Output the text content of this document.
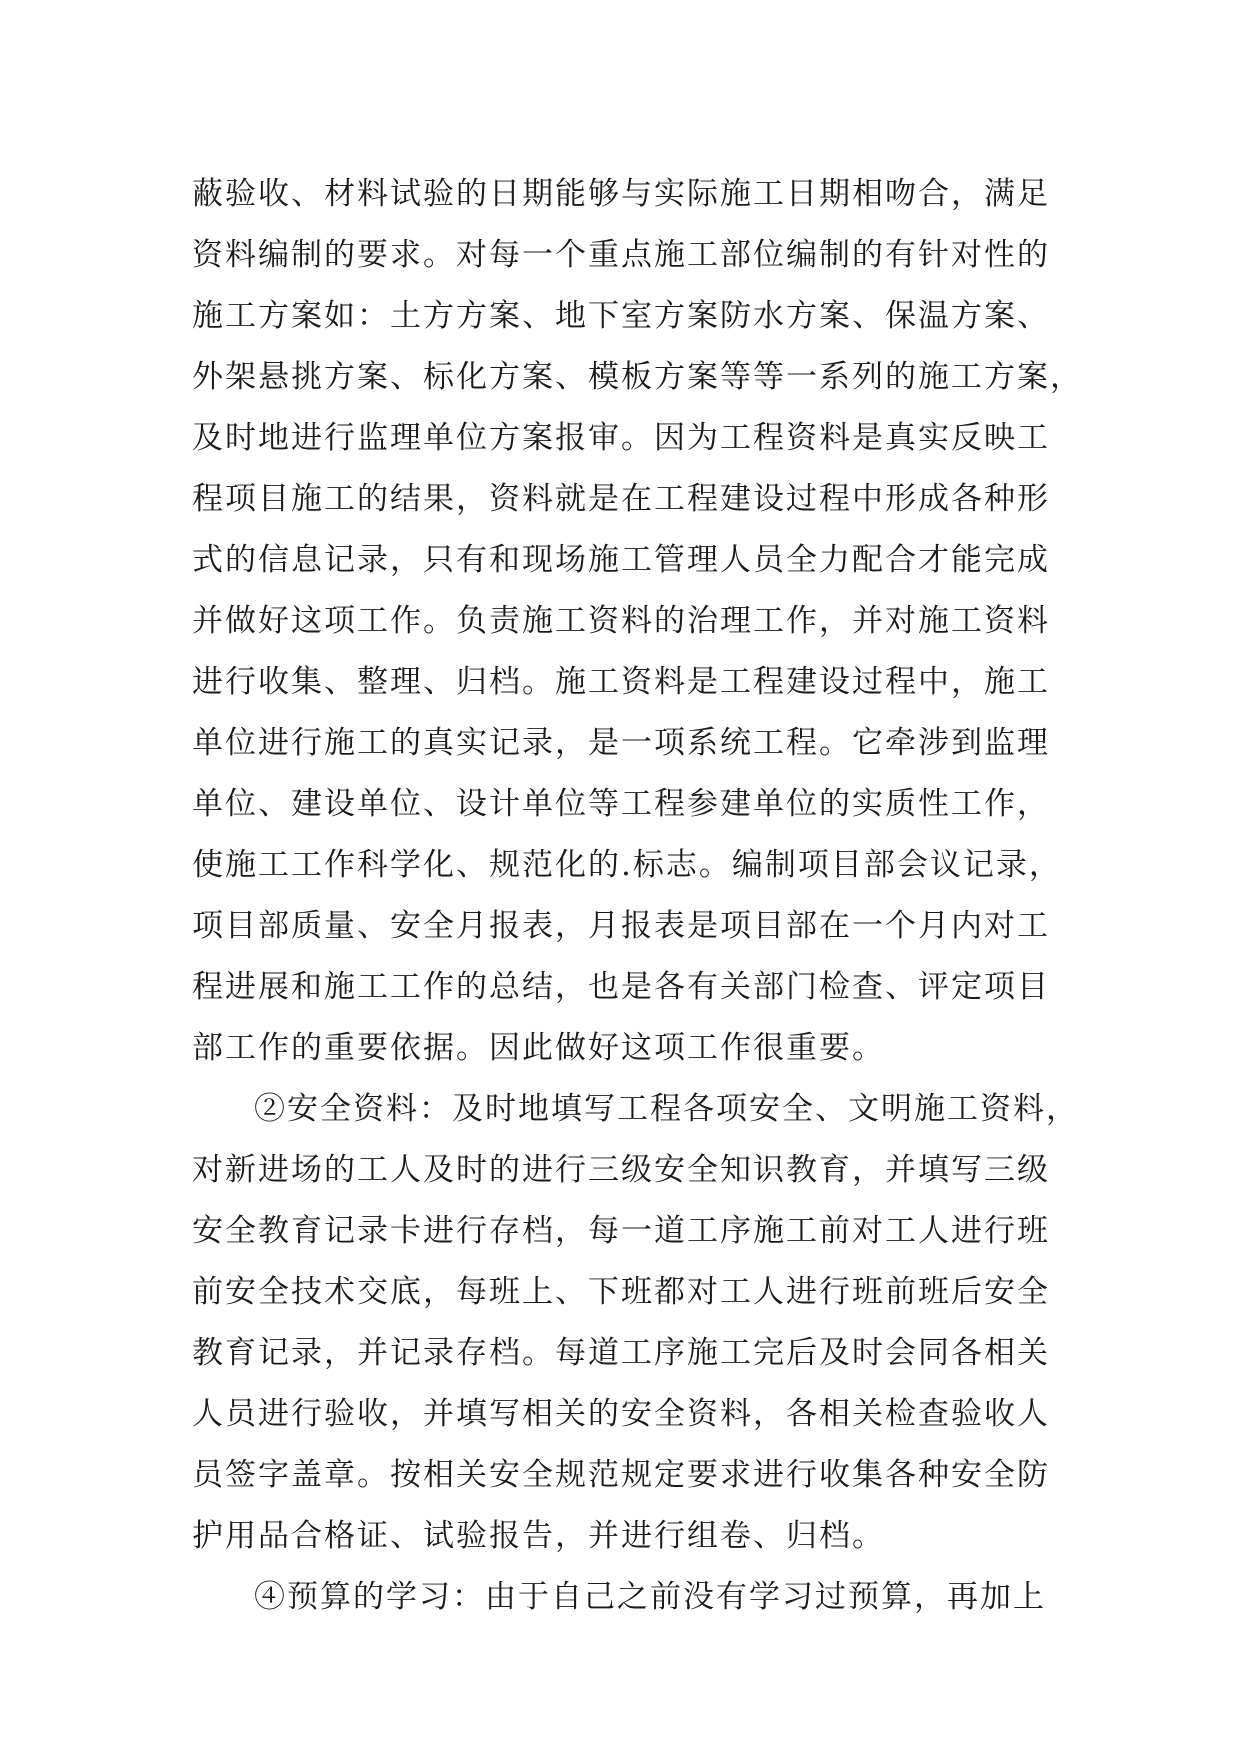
蔽验收、材料试验的日期能够与实际施工日期相吻合，满足
资料编制的要求。对每一个重点施工部位编制的有针对性的
施工方案如：土方方案、地下室方案防水方案、保温方案、
外架悬挑方案、标化方案、模板方案等等一系列的施工方案，
及时地进行监理单位方案报审。因为工程资料是真实反映工
程项目施工的结果，资料就是在工程建设过程中形成各种形
式的信息记录，只有和现场施工管理人员全力配合才能完成
并做好这项工作。负责施工资料的治理工作，并对施工资料
进行收集、整理、归档。施工资料是工程建设过程中，施工
单位进行施工的真实记录，是一项系统工程。它牵涉到监理
单位、建设单位、设计单位等工程参建单位的实质性工作，
使施工工作科学化、规范化的.标志。编制项目部会议记录，
项目部质量、安全月报表，月报表是项目部在一个月内对工
程进展和施工工作的总结，也是各有关部门检查、评定项目
部工作的重要依据。因此做好这项工作很重要。
②安全资料：及时地填写工程各项安全、文明施工资料，
对新进场的工人及时的进行三级安全知识教育，并填写三级
安全教育记录卡进行存档，每一道工序施工前对工人进行班
前安全技术交底，每班上、下班都对工人进行班前班后安全
教育记录，并记录存档。每道工序施工完后及时会同各相关
人员进行验收，并填写相关的安全资料，各相关检查验收人
员签字盖章。按相关安全规范规定要求进行收集各种安全防
护用品合格证、试验报告，并进行组卷、归档。
④预算的学习：由于自己之前没有学习过预算，再加上
